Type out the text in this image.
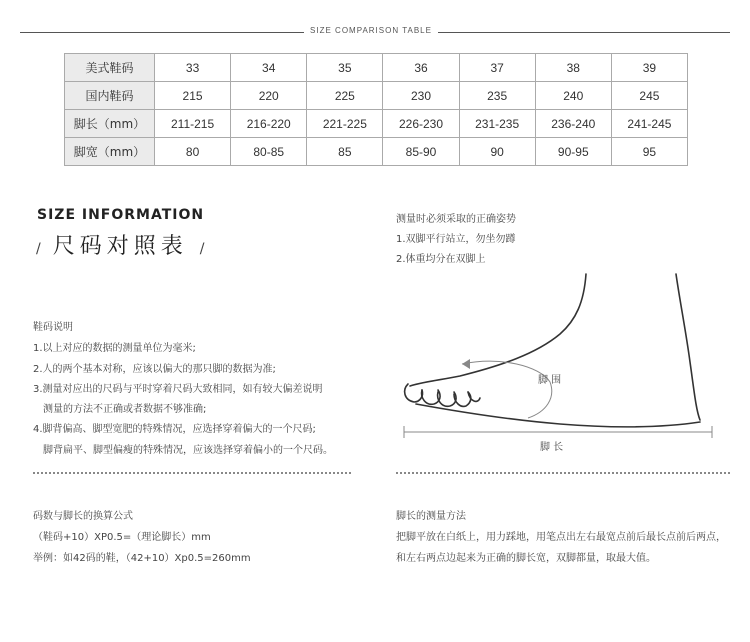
SIZE COMPARISON TABLE
美式鞋码	33	34	35	36	37	38	39
国内鞋码	215	220	225	230	235	240	245
脚长（mm）	211-215	216-220	221-225	226-230	231-235	236-240	241-245
脚宽（mm）	80	80-85	85	85-90	90	90-95	95
SIZE INFORMATION
/ 尺码对照表 /
鞋码说明
1.以上对应的数据的测量单位为毫米;
2.人的两个基本对称，应该以偏大的那只脚的数据为准;
3.测量对应出的尺码与平时穿着尺码大致相同，如有较大偏差说明
测量的方法不正确或者数据不够准确;
4.脚背偏高、脚型宽肥的特殊情况，应选择穿着偏大的一个尺码;
脚背扁平、脚型偏瘦的特殊情况，应该选择穿着偏小的一个尺码。
测量时必须采取的正确姿势
1.双脚平行站立，勿坐勿蹲
2.体重均分在双脚上
脚 围
脚 长
码数与脚长的换算公式
（鞋码+10）XP0.5=（理论脚长）mm
举例：如42码的鞋，（42+10）Xp0.5=260mm
脚长的测量方法
把脚平放在白纸上，用力踩地，用笔点出左右最宽点前后最长点前后两点，和左右两点边起来为正确的脚长宽，双脚都量，取最大值。
